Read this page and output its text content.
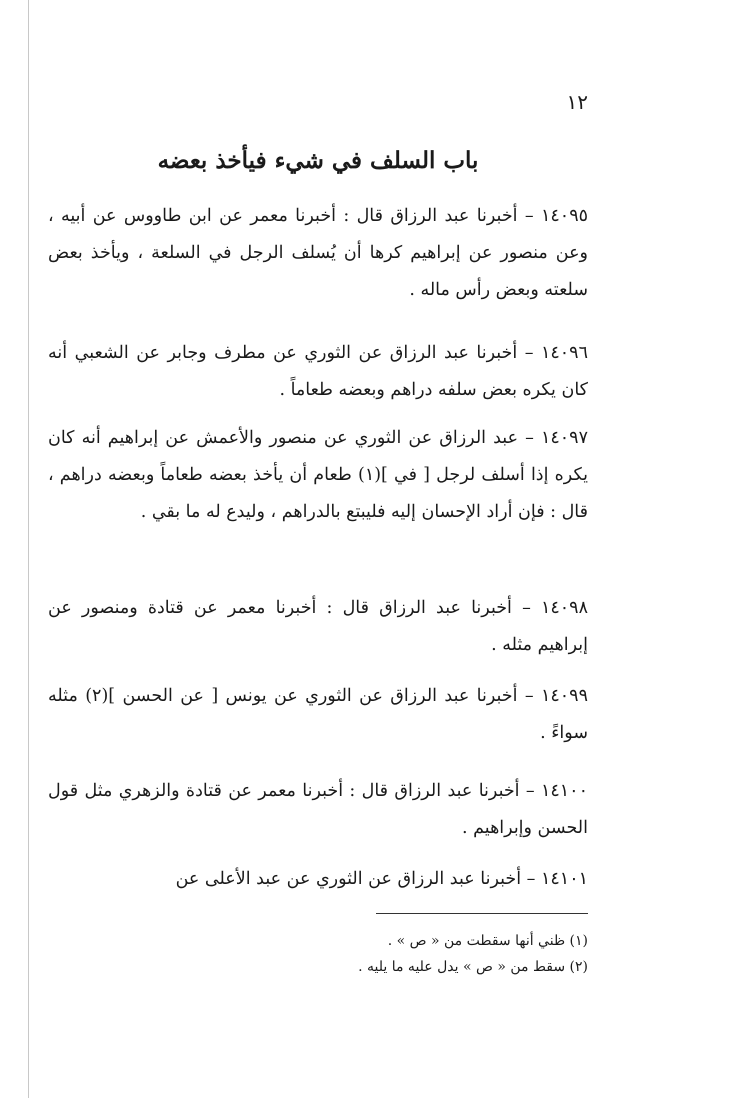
١٢
باب السلف في شيء فيأخذ بعضه
١٤٠٩٥ – أخبرنا عبد الرزاق قال : أخبرنا معمر عن ابن طاووس عن أبيه ، وعن منصور عن إبراهيم كرها أن يُسلف الرجل في السلعة ، ويأخذ بعض سلعته وبعض رأس ماله .
١٤٠٩٦ – أخبرنا عبد الرزاق عن الثوري عن مطرف وجابر عن الشعبي أنه كان يكره بعض سلفه دراهم وبعضه طعاماً .
١٤٠٩٧ – عبد الرزاق عن الثوري عن منصور والأعمش عن إبراهيم أنه كان يكره إذا أسلف لرجل [ في ](١) طعام أن يأخذ بعضه طعاماً وبعضه دراهم ، قال : فإن أراد الإحسان إليه فليبتع بالدراهم ، وليدع له ما بقي .
١٤٠٩٨ – أخبرنا عبد الرزاق قال : أخبرنا معمر عن قتادة ومنصور عن إبراهيم مثله .
١٤٠٩٩ – أخبرنا عبد الرزاق عن الثوري عن يونس [ عن الحسن ](٢) مثله سواءً .
١٤١٠٠ – أخبرنا عبد الرزاق قال : أخبرنا معمر عن قتادة والزهري مثل قول الحسن وإبراهيم .
١٤١٠١ – أخبرنا عبد الرزاق عن الثوري عن عبد الأعلى عن
(١) ظني أنها سقطت من « ص » .
(٢) سقط من « ص » يدل عليه ما يليه .
